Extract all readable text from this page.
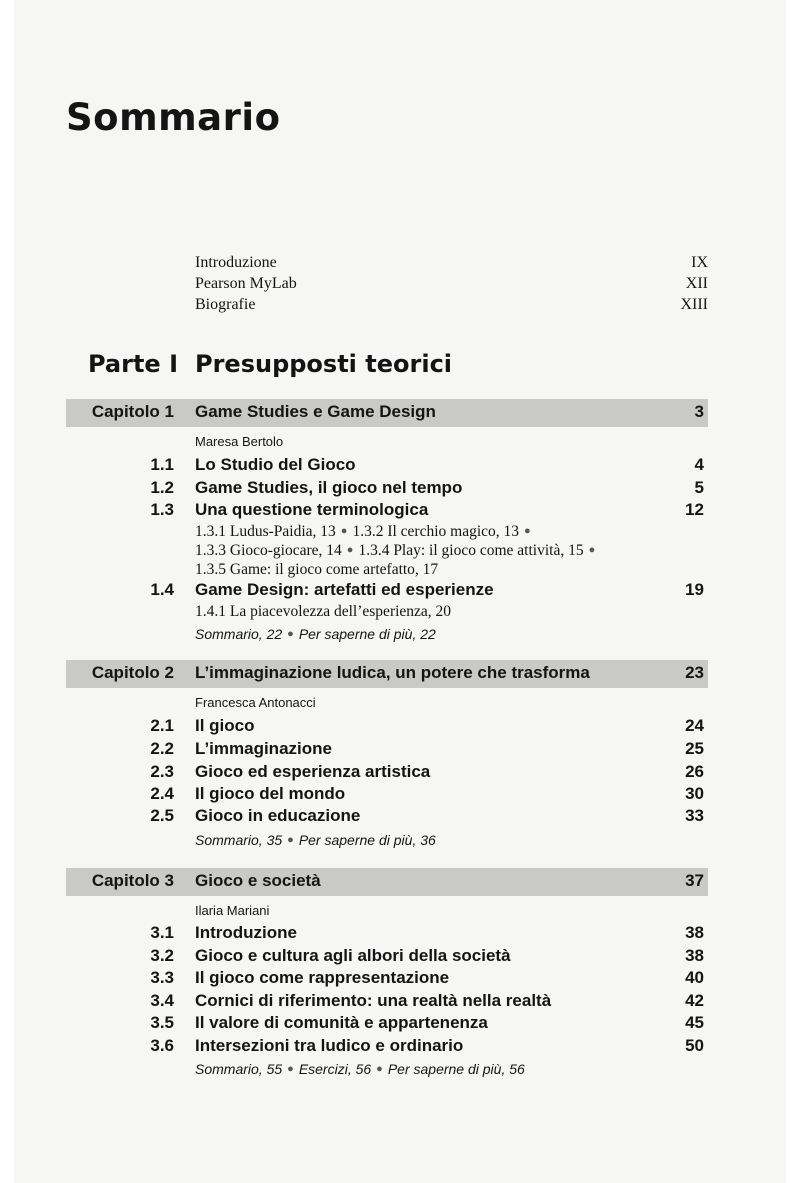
Sommario
Introduzione	IX
Pearson MyLab	XII
Biografie	XIII
Parte I Presupposti teorici
Capitolo 1 Game Studies e Game Design	3
Maresa Bertolo
1.1 Lo Studio del Gioco	4
1.2 Game Studies, il gioco nel tempo	5
1.3 Una questione terminologica	12
1.3.1 Ludus-Paidia, 13 ● 1.3.2 Il cerchio magico, 13 ●
1.3.3 Gioco-giocare, 14 ● 1.3.4 Play: il gioco come attività, 15 ●
1.3.5 Game: il gioco come artefatto, 17
1.4 Game Design: artefatti ed esperienze	19
1.4.1 La piacevolezza dell’esperienza, 20
Sommario, 22 ● Per saperne di più, 22
Capitolo 2 L’immaginazione ludica, un potere che trasforma	23
Francesca Antonacci
2.1 Il gioco	24
2.2 L’immaginazione	25
2.3 Gioco ed esperienza artistica	26
2.4 Il gioco del mondo	30
2.5 Gioco in educazione	33
Sommario, 35 ● Per saperne di più, 36
Capitolo 3 Gioco e società	37
Ilaria Mariani
3.1 Introduzione	38
3.2 Gioco e cultura agli albori della società	38
3.3 Il gioco come rappresentazione	40
3.4 Cornici di riferimento: una realtà nella realtà	42
3.5 Il valore di comunità e appartenenza	45
3.6 Intersezioni tra ludico e ordinario	50
Sommario, 55 ● Esercizi, 56 ● Per saperne di più, 56
